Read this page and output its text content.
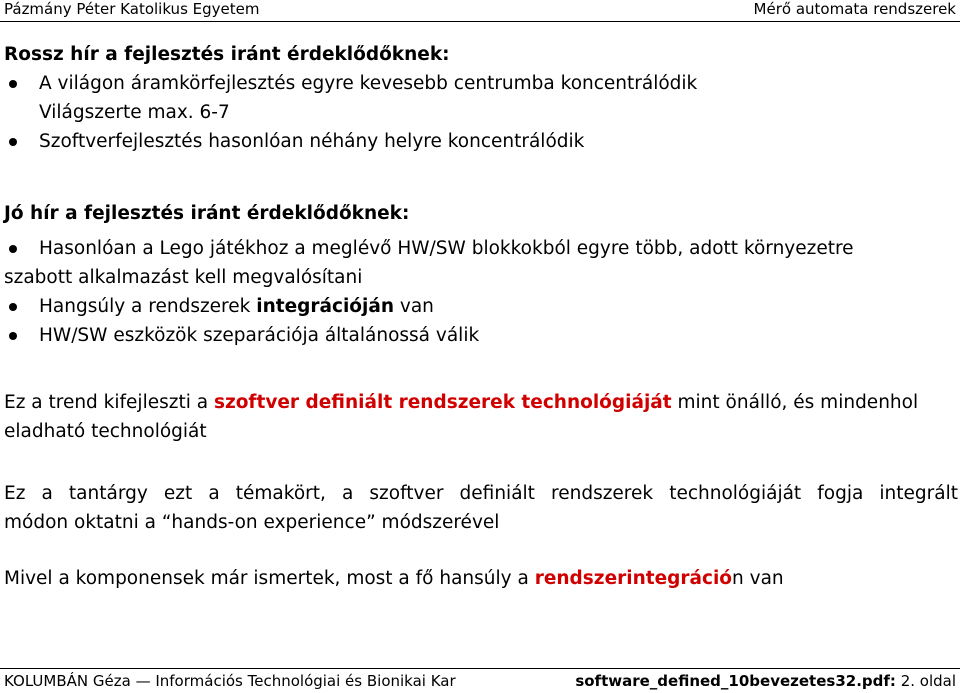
Pázmány Péter Katolikus Egyetem	Mérő automata rendszerek
Rossz hír a fejlesztés iránt érdeklődőknek:
A világon áramkörfejlesztés egyre kevesebb centrumba koncentrálódik
Világszerte max. 6-7
Szoftverfejlesztés hasonlóan néhány helyre koncentrálódik
Jó hír a fejlesztés iránt érdeklődőknek:
Hasonlóan a Lego játékhoz a meglévő HW/SW blokkokból egyre több, adott környezetre
szabott alkalmazást kell megvalósítani
Hangsúly a rendszerek integrációján van
HW/SW eszközök szeparációja általánossá válik
Ez a trend kifejleszti a szoftver definiált rendszerek technológiáját mint önálló, és mindenhol
eladható technológiát
Ez a tantárgy ezt a témakört, a szoftver definiált rendszerek technológiáját fogja integrált
módon oktatni a “hands-on experience” módszerével
Mivel a komponensek már ismertek, most a fő hansúly a rendszerintegráción van
KOLUMBÁN Géza — Információs Technológiai és Bionikai Kar	software_defined_10bevezetes32.pdf: 2. oldal
